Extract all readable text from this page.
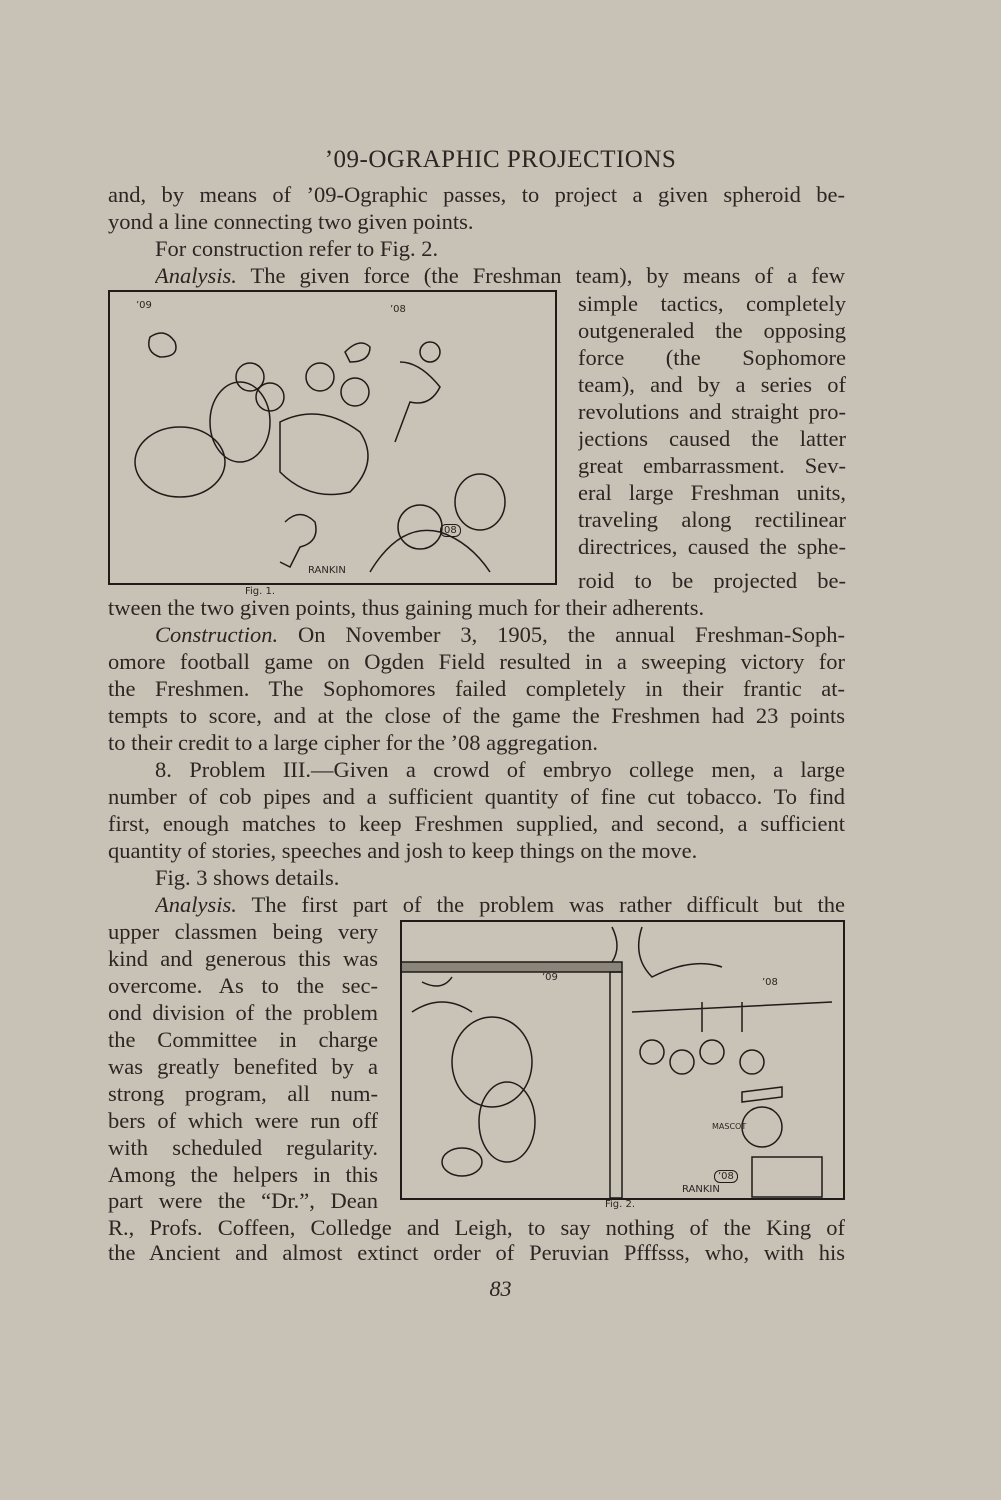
’09-OGRAPHIC PROJECTIONS
and, by means of ’09-Ographic passes, to project a given spheroid be-
yond a line connecting two given points.
For construction refer to Fig. 2.
Analysis. The given force (the Freshman team), by means of a few
simple tactics, completely
outgeneraled the opposing
force (the Sophomore
team), and by a series of
revolutions and straight pro-
jections caused the latter
great embarrassment. Sev-
eral large Freshman units,
traveling along rectilinear
directrices, caused the sphe-
roid to be projected be-
’09	’08
08
RANKIN
Fig. 1.
tween the two given points, thus gaining much for their adherents.
Construction. On November 3, 1905, the annual Freshman-Soph-
omore football game on Ogden Field resulted in a sweeping victory for
the Freshmen. The Sophomores failed completely in their frantic at-
tempts to score, and at the close of the game the Freshmen had 23 points
to their credit to a large cipher for the ’08 aggregation.
8. Problem III.—Given a crowd of embryo college men, a large
number of cob pipes and a sufficient quantity of fine cut tobacco. To find
first, enough matches to keep Freshmen supplied, and second, a sufficient
quantity of stories, speeches and josh to keep things on the move.
Fig. 3 shows details.
Analysis. The first part of the problem was rather difficult but the
upper classmen being very
kind and generous this was
overcome. As to the sec-
ond division of the problem
the Committee in charge
was greatly benefited by a
strong program, all num-
bers of which were run off
with scheduled regularity.
Among the helpers in this
part were the “Dr.”, Dean
’09	’08
MASCOT
’08
RANKIN
Fig. 2.
R., Profs. Coffeen, Colledge and Leigh, to say nothing of the King of
the Ancient and almost extinct order of Peruvian Pfffsss, who, with his
83
